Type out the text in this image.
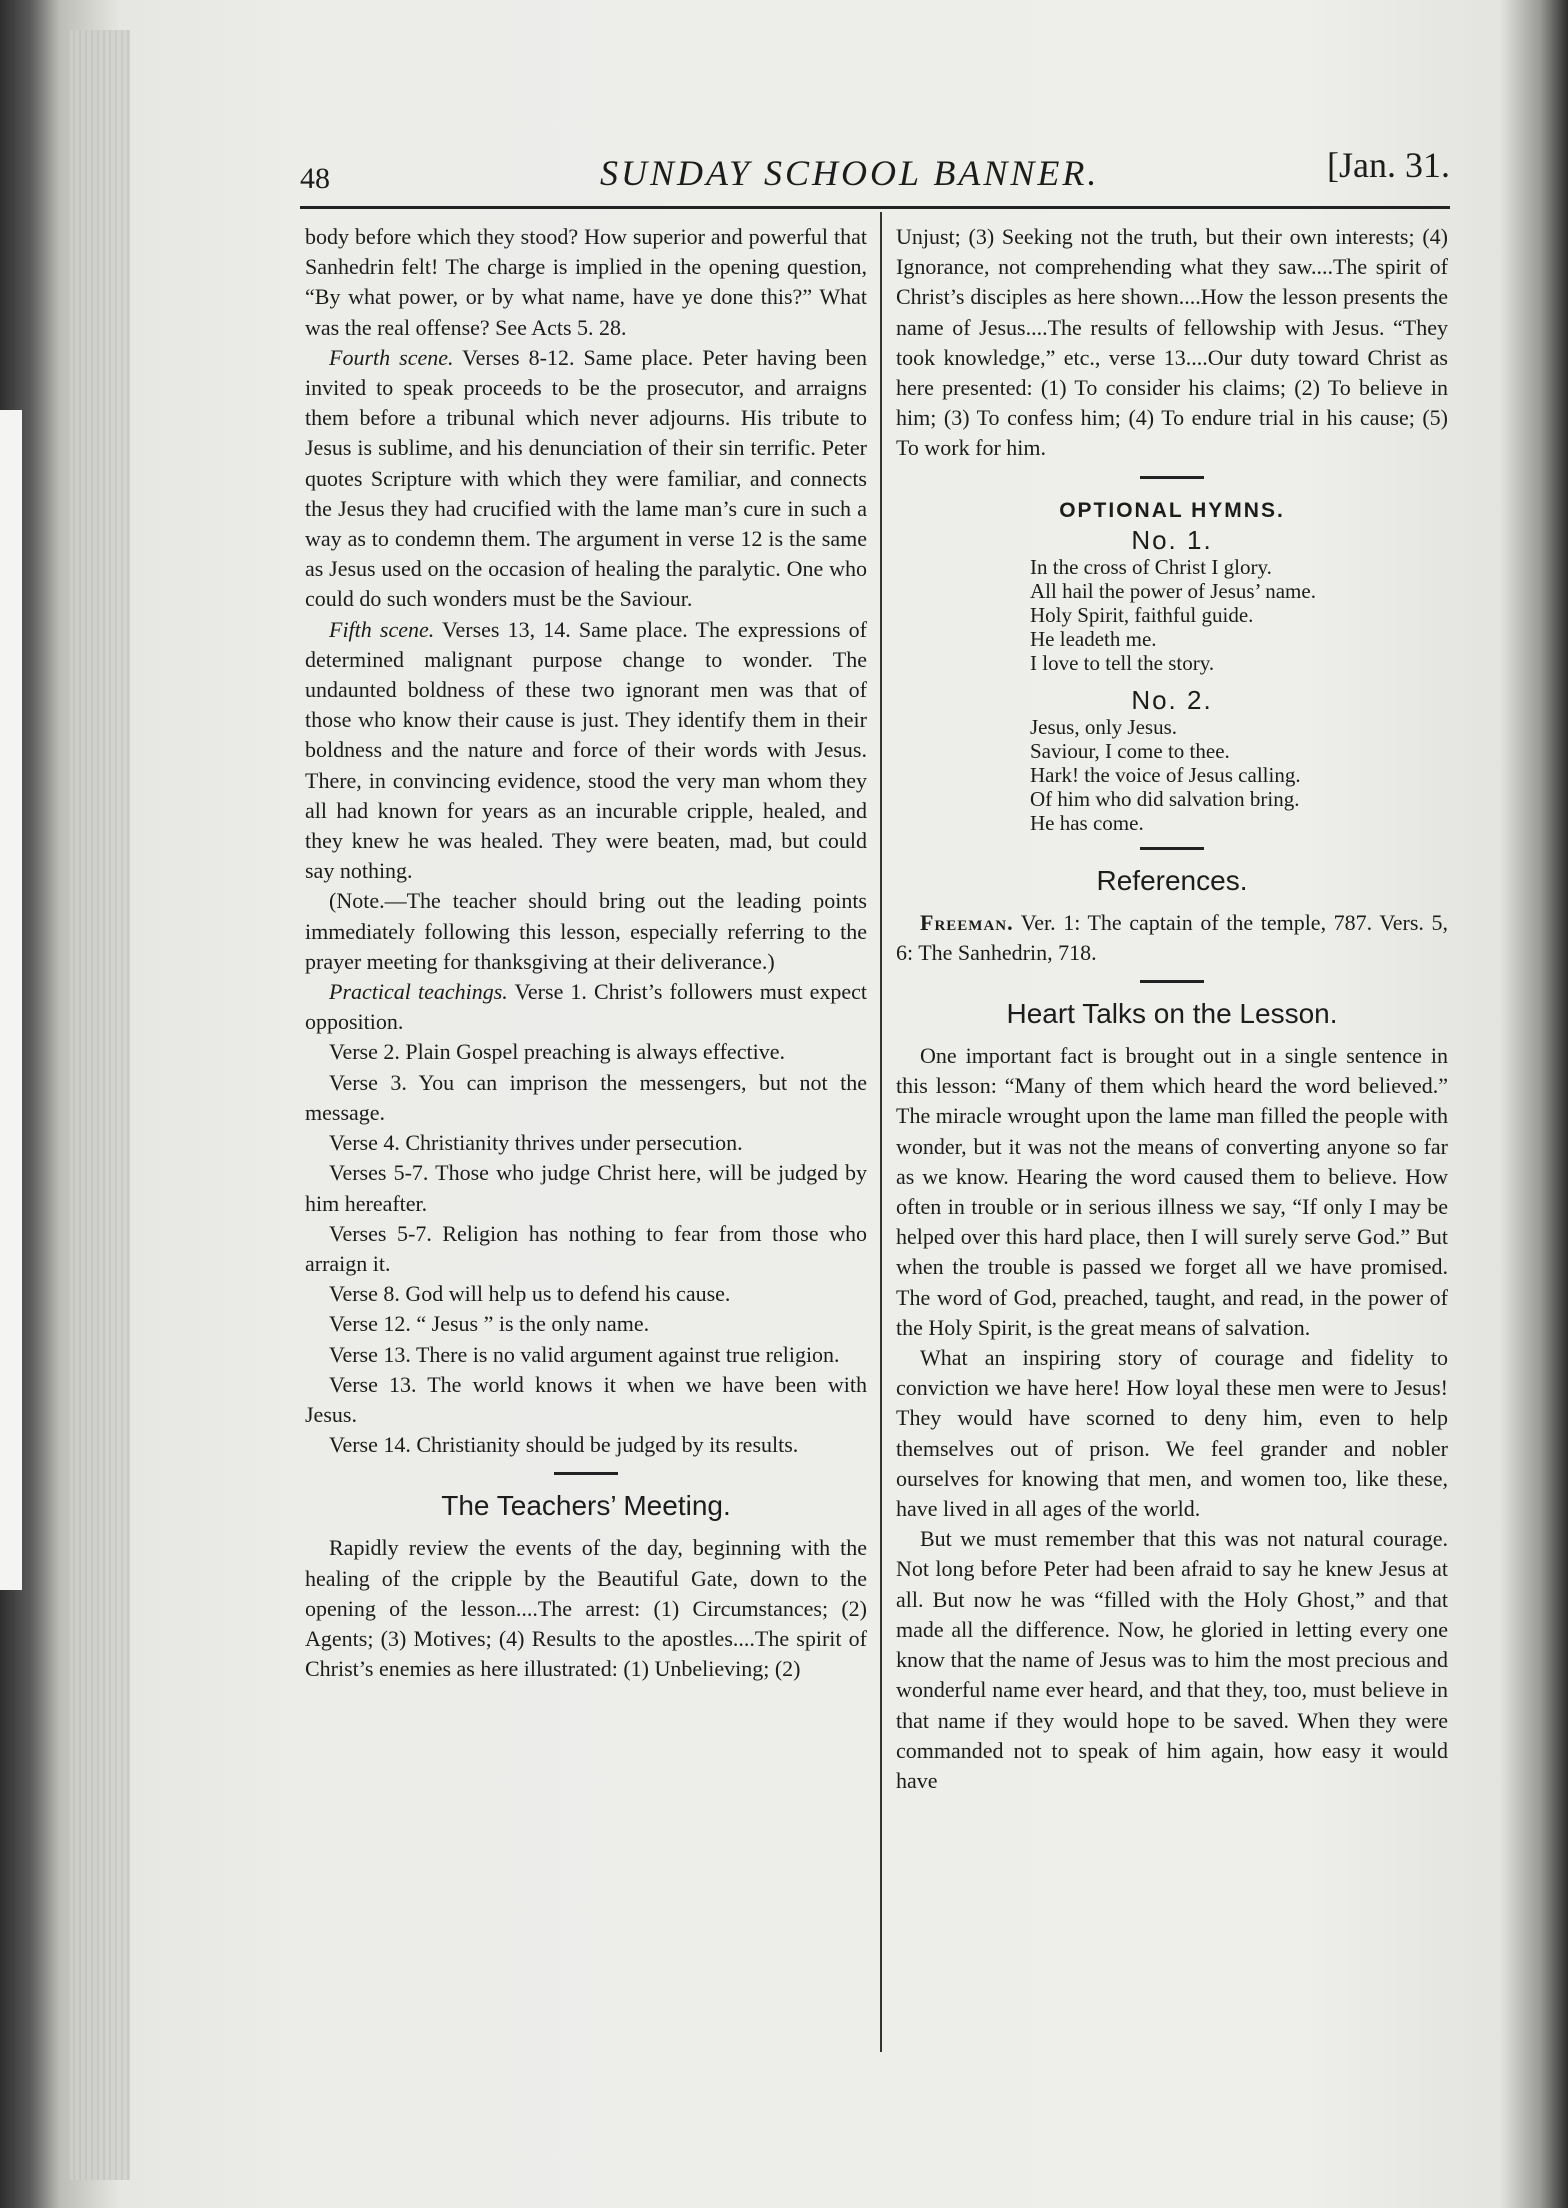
48	SUNDAY SCHOOL BANNER.	[Jan. 31.

body before which they stood? How superior and powerful that Sanhedrin felt! The charge is implied in the opening question, “By what power, or by what name, have ye done this?” What was the real offense? See Acts 5. 28.

Fourth scene. Verses 8-12. Same place. Peter having been invited to speak proceeds to be the prosecutor, and arraigns them before a tribunal which never adjourns. His tribute to Jesus is sublime, and his denunciation of their sin terrific. Peter quotes Scripture with which they were familiar, and connects the Jesus they had crucified with the lame man’s cure in such a way as to condemn them. The argument in verse 12 is the same as Jesus used on the occasion of healing the paralytic. One who could do such wonders must be the Saviour.

Fifth scene. Verses 13, 14. Same place. The expressions of determined malignant purpose change to wonder. The undaunted boldness of these two ignorant men was that of those who know their cause is just. They identify them in their boldness and the nature and force of their words with Jesus. There, in convincing evidence, stood the very man whom they all had known for years as an incurable cripple, healed, and they knew he was healed. They were beaten, mad, but could say nothing.

(Note.—The teacher should bring out the leading points immediately following this lesson, especially referring to the prayer meeting for thanksgiving at their deliverance.)

Practical teachings. Verse 1. Christ’s followers must expect opposition.

Verse 2. Plain Gospel preaching is always effective.
Verse 3. You can imprison the messengers, but not the message.
Verse 4. Christianity thrives under persecution.
Verses 5-7. Those who judge Christ here, will be judged by him hereafter.
Verses 5-7. Religion has nothing to fear from those who arraign it.
Verse 8. God will help us to defend his cause.
Verse 12. “ Jesus ” is the only name.
Verse 13. There is no valid argument against true religion.
Verse 13. The world knows it when we have been with Jesus.
Verse 14. Christianity should be judged by its results.
The Teachers’ Meeting.

Rapidly review the events of the day, beginning with the healing of the cripple by the Beautiful Gate, down to the opening of the lesson....The arrest: (1) Circumstances; (2) Agents; (3) Motives; (4) Results to the apostles....The spirit of Christ’s enemies as here illustrated: (1) Unbelieving; (2)

Unjust; (3) Seeking not the truth, but their own interests; (4) Ignorance, not comprehending what they saw....The spirit of Christ’s disciples as here shown....How the lesson presents the name of Jesus....The results of fellowship with Jesus. “They took knowledge,” etc., verse 13....Our duty toward Christ as here presented: (1) To consider his claims; (2) To believe in him; (3) To confess him; (4) To endure trial in his cause; (5) To work for him.

OPTIONAL HYMNS.
No. 1.
In the cross of Christ I glory.
All hail the power of Jesus’ name.
Holy Spirit, faithful guide.
He leadeth me.
I love to tell the story.
No. 2.
Jesus, only Jesus.
Saviour, I come to thee.
Hark! the voice of Jesus calling.
Of him who did salvation bring.
He has come.
References.

Freeman. Ver. 1: The captain of the temple, 787. Vers. 5, 6: The Sanhedrin, 718.

Heart Talks on the Lesson.

One important fact is brought out in a single sentence in this lesson: “Many of them which heard the word believed.” The miracle wrought upon the lame man filled the people with wonder, but it was not the means of converting anyone so far as we know. Hearing the word caused them to believe. How often in trouble or in serious illness we say, “If only I may be helped over this hard place, then I will surely serve God.” But when the trouble is passed we forget all we have promised. The word of God, preached, taught, and read, in the power of the Holy Spirit, is the great means of salvation.

What an inspiring story of courage and fidelity to conviction we have here! How loyal these men were to Jesus! They would have scorned to deny him, even to help themselves out of prison. We feel grander and nobler ourselves for knowing that men, and women too, like these, have lived in all ages of the world.

But we must remember that this was not natural courage. Not long before Peter had been afraid to say he knew Jesus at all. But now he was “filled with the Holy Ghost,” and that made all the difference. Now, he gloried in letting every one know that the name of Jesus was to him the most precious and wonderful name ever heard, and that they, too, must believe in that name if they would hope to be saved. When they were commanded not to speak of him again, how easy it would have
